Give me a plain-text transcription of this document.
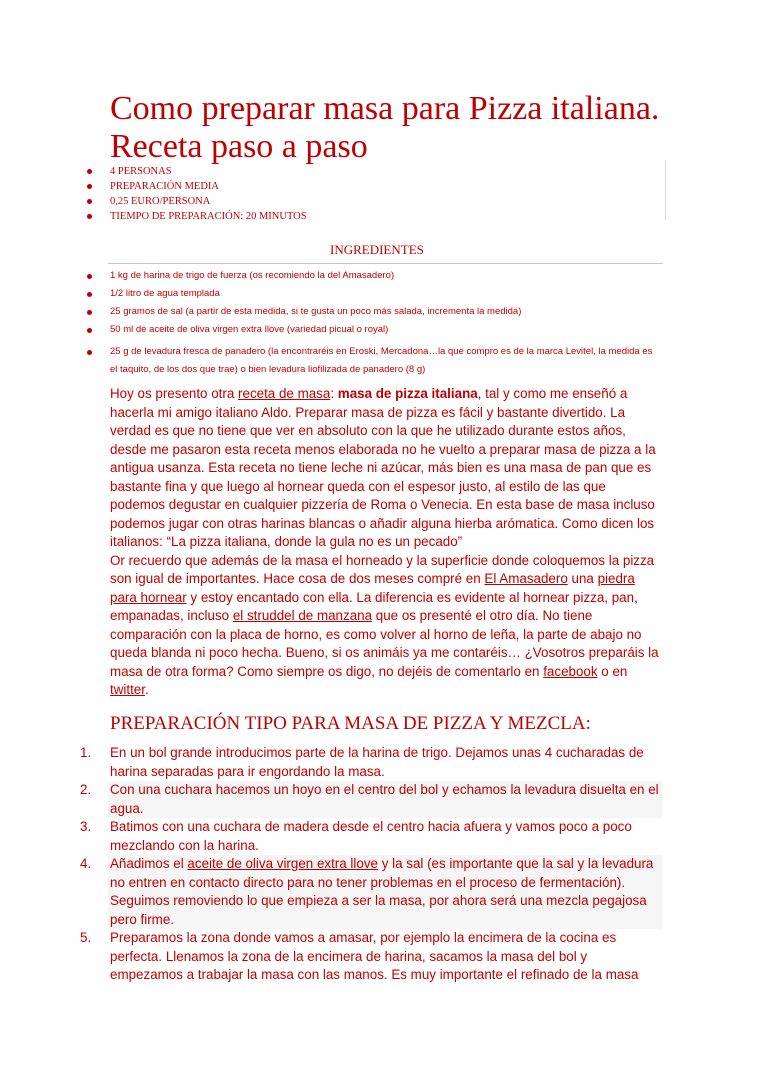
Como preparar masa para Pizza italiana. Receta paso a paso
4 PERSONAS
PREPARACIÓN MEDIA
0,25 EURO/PERSONA
TIEMPO DE PREPARACIÓN: 20 MINUTOS
INGREDIENTES
1 kg de harina de trigo de fuerza (os recomiendo la del Amasadero)
1/2 litro de agua templada
25 gramos de sal (a partir de esta medida, si te gusta un poco más salada, incrementa la medida)
50 ml de aceite de oliva virgen extra llove (variedad picual o royal)
25 g de levadura fresca de panadero (la encontraréis en Eroski, Mercadona…la que compro es de la marca Levitel, la medida es el taquito, de los dos que trae) o bien levadura liofilizada de panadero (8 g)

Hoy os presento otra receta de masa: masa de pizza italiana, tal y como me enseñó a hacerla mi amigo italiano Aldo. Preparar masa de pizza es fácil y bastante divertido. La verdad es que no tiene que ver en absoluto con la que he utilizado durante estos años, desde me pasaron esta receta menos elaborada no he vuelto a preparar masa de pizza a la antigua usanza. Esta receta no tiene leche ni azúcar, más bien es una masa de pan que es bastante fina y que luego al hornear queda con el espesor justo, al estilo de las que podemos degustar en cualquier pizzería de Roma o Venecia. En esta base de masa incluso podemos jugar con otras harinas blancas o añadir alguna hierba arómatica. Como dicen los italianos: “La pizza italiana, donde la gula no es un pecado”
Or recuerdo que además de la masa el horneado y la superficie donde coloquemos la pizza son igual de importantes. Hace cosa de dos meses compré en El Amasadero una piedra para hornear y estoy encantado con ella. La diferencia es evidente al hornear pizza, pan, empanadas, incluso el struddel de manzana que os presenté el otro día. No tiene comparación con la placa de horno, es como volver al horno de leña, la parte de abajo no queda blanda ni poco hecha. Bueno, si os animáis ya me contaréis… ¿Vosotros preparáis la masa de otra forma? Como siempre os digo, no dejéis de comentarlo en facebook o en twitter.

PREPARACIÓN TIPO PARA MASA DE PIZZA Y MEZCLA:
1. En un bol grande introducimos parte de la harina de trigo. Dejamos unas 4 cucharadas de harina separadas para ir engordando la masa.
2. Con una cuchara hacemos un hoyo en el centro del bol y echamos la levadura disuelta en el agua.
3. Batimos con una cuchara de madera desde el centro hacia afuera y vamos poco a poco mezclando con la harina.
4. Añadimos el aceite de oliva virgen extra llove y la sal (es importante que la sal y la levadura no entren en contacto directo para no tener problemas en el proceso de fermentación). Seguimos removiendo lo que empieza a ser la masa, por ahora será una mezcla pegajosa pero firme.
5. Preparamos la zona donde vamos a amasar, por ejemplo la encimera de la cocina es perfecta. Llenamos la zona de la encimera de harina, sacamos la masa del bol y empezamos a trabajar la masa con las manos. Es muy importante el refinado de la masa
